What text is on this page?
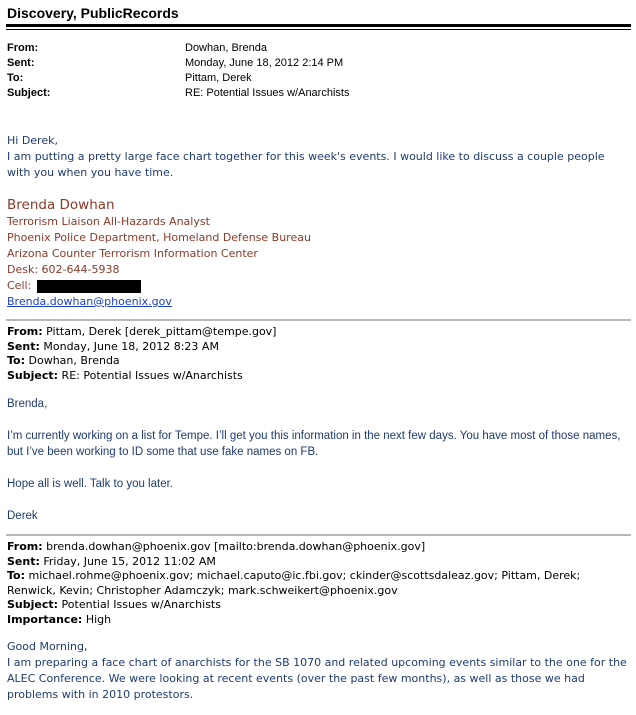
Discovery, PublicRecords
From:	Dowhan, Brenda
Sent:	Monday, June 18, 2012 2:14 PM
To:	Pittam, Derek
Subject:	RE: Potential Issues w/Anarchists
Hi Derek,
I am putting a pretty large face chart together for this week's events. I would like to discuss a couple people with you when you have time.
Brenda Dowhan
Terrorism Liaison All-Hazards Analyst
Phoenix Police Department, Homeland Defense Bureau
Arizona Counter Terrorism Information Center
Desk: 602-644-5938
Cell:
Brenda.dowhan@phoenix.gov
From: Pittam, Derek [derek_pittam@tempe.gov]
Sent: Monday, June 18, 2012 8:23 AM
To: Dowhan, Brenda
Subject: RE: Potential Issues w/Anarchists

Brenda,

I’m currently working on a list for Tempe. I’ll get you this information in the next few days. You have most of those names, but I’ve been working to ID some that use fake names on FB.

Hope all is well. Talk to you later.

Derek

From: brenda.dowhan@phoenix.gov [mailto:brenda.dowhan@phoenix.gov]
Sent: Friday, June 15, 2012 11:02 AM
To: michael.rohme@phoenix.gov; michael.caputo@ic.fbi.gov; ckinder@scottsdaleaz.gov; Pittam, Derek; Renwick, Kevin; Christopher Adamczyk; mark.schweikert@phoenix.gov
Subject: Potential Issues w/Anarchists
Importance: High
Good Morning,
I am preparing a face chart of anarchists for the SB 1070 and related upcoming events similar to the one for the ALEC Conference. We were looking at recent events (over the past few months), as well as those we had problems with in 2010 protestors.
